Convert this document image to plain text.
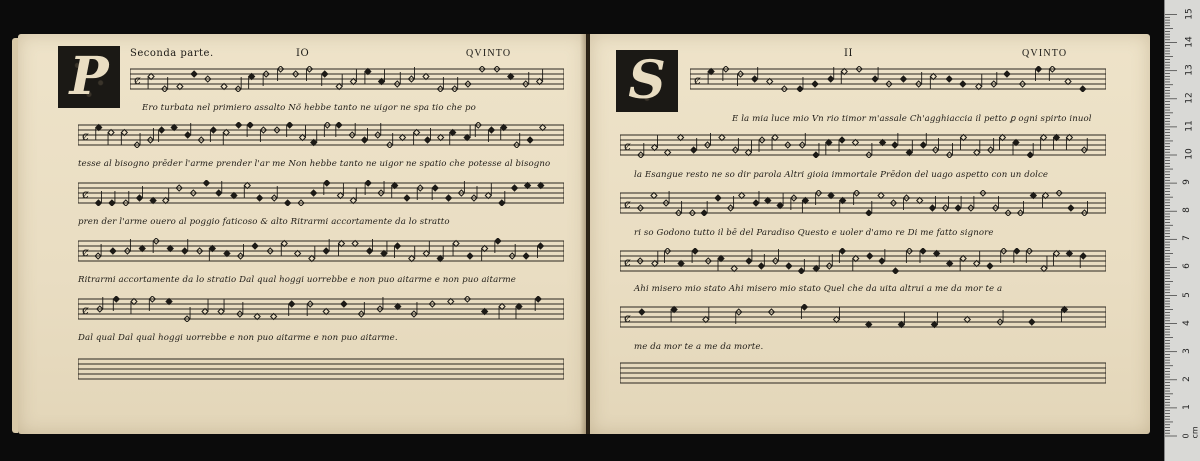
P Seconda parte.	IO	QVINTO
ȼ
Ero turbata nel primiero assalto Nõ hebbe tanto ne uigor ne spa tio che po
ȼ
tesse al bisogno prēder l'arme prender l'ar me Non hebbe tanto ne uigor ne spatio che potesse al bisogno
ȼ
pren der l'arme ouero al poggio faticoso & alto Ritrarmi accortamente da lo stratto
ȼ
Ritrarmi accortamente da lo stratio Dal qual hoggi uorrebbe e non puo aitarme e non puo aitarme
ȼ
Dal qual Dal qual hoggi uorrebbe e non puo aitarme e non puo aitarme.
S	II	QVINTO
ȼ
E la mia luce mio Vn rio timor m'assale Ch'agghiaccia il petto ꝑ ogni spirto inuol
ȼ
la Esangue resto ne so dir parola Altri gioia immortale Prēdon del uago aspetto con un dolce
ȼ
ri so Godono tutto il bē del Paradiso Questo e uoler d'amo re Di me fatto signore
ȼ
Ahi misero mio stato Ahi misero mio stato Quel che da uita altrui a me da mor te a
ȼ
me da mor te a me da morte.
0 cm
1
2
3
4
5
6
7
8
9
10
11
12
13
14
15
